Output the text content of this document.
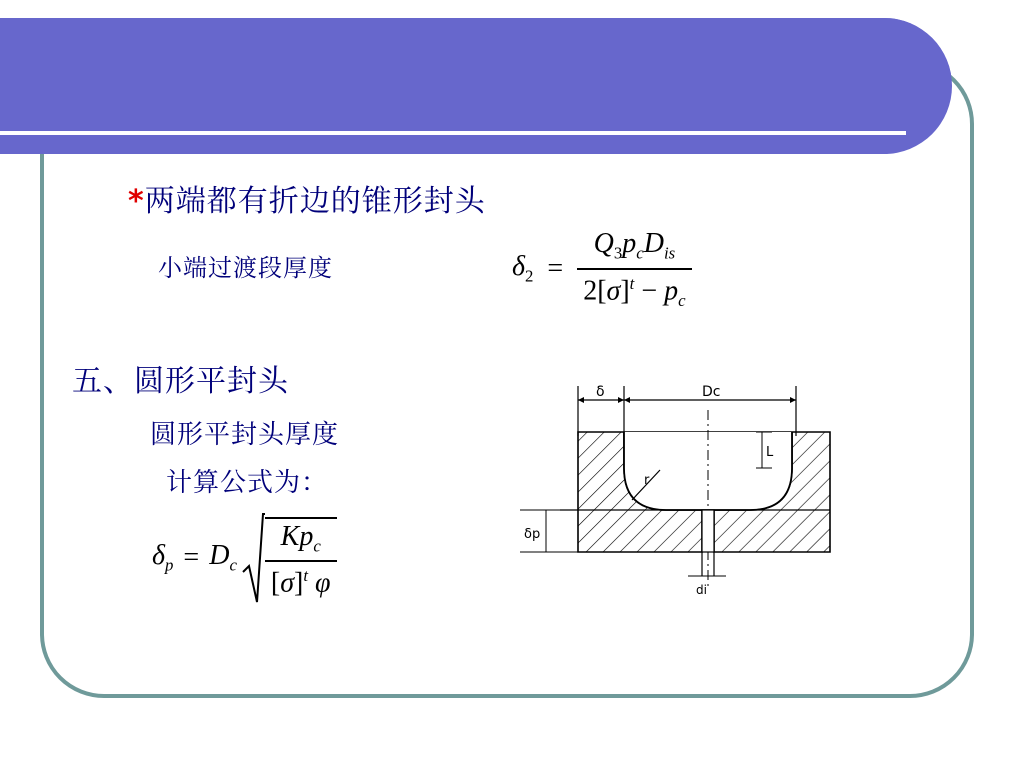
*两端都有折边的锥形封头
小端过渡段厚度	$\delta_2 = \frac{Q_3p_cD_{is}}{2[\sigma]^t - p_c}$
五、圆形平封头
圆形平封头厚度
计算公式为：
$\delta_p = D_c \frac{Kp_c}{[\sigma]^t \varphi}$
δ	Dc
di
r
L
δp
